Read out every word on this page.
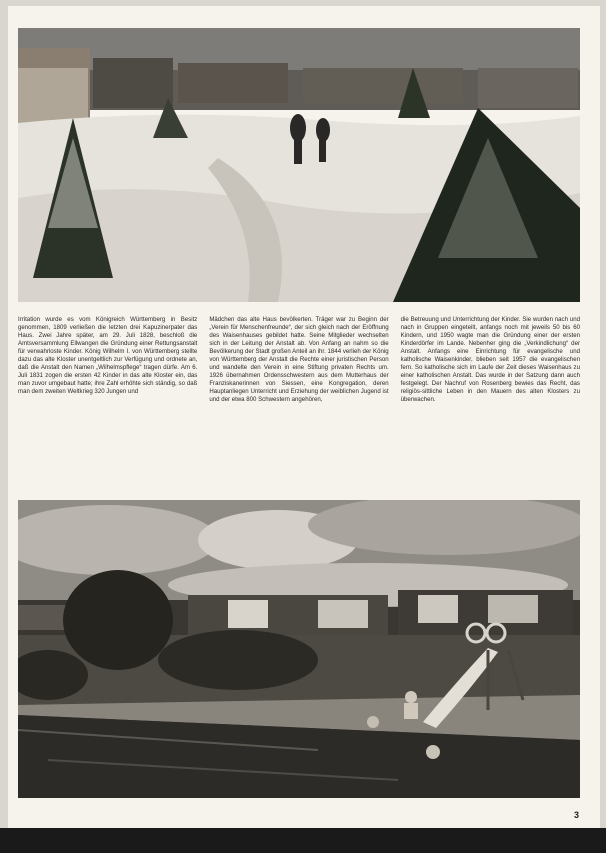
Irritation wurde es vom Königreich Württemberg in Besitz genommen, 1809 verließen die letzten drei Kapuzinerpater das Haus. Zwei Jahre später, am 29. Juli 1828, beschloß die Amtsversammlung Ellwangen die Gründung einer Rettungsanstalt für verwahrloste Kinder. König Wilhelm I. von Württemberg stellte dazu das alte Kloster unentgeltlich zur Verfügung und ordnete an, daß die Anstalt den Namen „Wilhelmspflege“ tragen dürfe. Am 6. Juli 1831 zogen die ersten 42 Kinder in das alte Kloster ein, das man zuvor umgebaut hatte; ihre Zahl erhöhte sich ständig, so daß man dem zweiten Weltkrieg 320 Jungen und
Mädchen das alte Haus bevölkerten. Träger war zu Beginn der „Verein für Menschenfreunde“, der sich gleich nach der Eröffnung des Waisenhauses gebildet hatte. Seine Mitglieder wechselten sich in der Leitung der Anstalt ab. Von Anfang an nahm so die Bevölkerung der Stadt großen Anteil an ihr. 1844 verlieh der König von Württemberg der Anstalt die Rechte einer juristischen Person und wandelte den Verein in eine Stiftung privaten Rechts um. 1926 übernahmen Ordensschwestern aus dem Mutterhaus der Franziskanerinnen von Siessen, eine Kongregation, deren Hauptanliegen Unterricht und Erziehung der weiblichen Jugend ist und der etwa 800 Schwestern angehören,
die Betreuung und Unterrichtung der Kinder. Sie wurden nach und nach in Gruppen eingeteilt, anfangs noch mit jeweils 50 bis 60 Kindern, und 1950 wagte man die Gründung einer der ersten Kinderdörfer im Lande. Nebenher ging die „Verkindlichung“ der Anstalt. Anfangs eine Einrichtung für evangelische und katholische Waisenkinder, blieben seit 1957 die evangelischen fern. So katholische sich im Laufe der Zeit dieses Waisenhaus zu einer katholischen Anstalt. Das wurde in der Satzung dann auch festgelegt. Der Nachruf von Rosenberg bewies das Recht, das religiös-sittliche Leben in den Mauern des alten Klosters zu überwachen.
3
